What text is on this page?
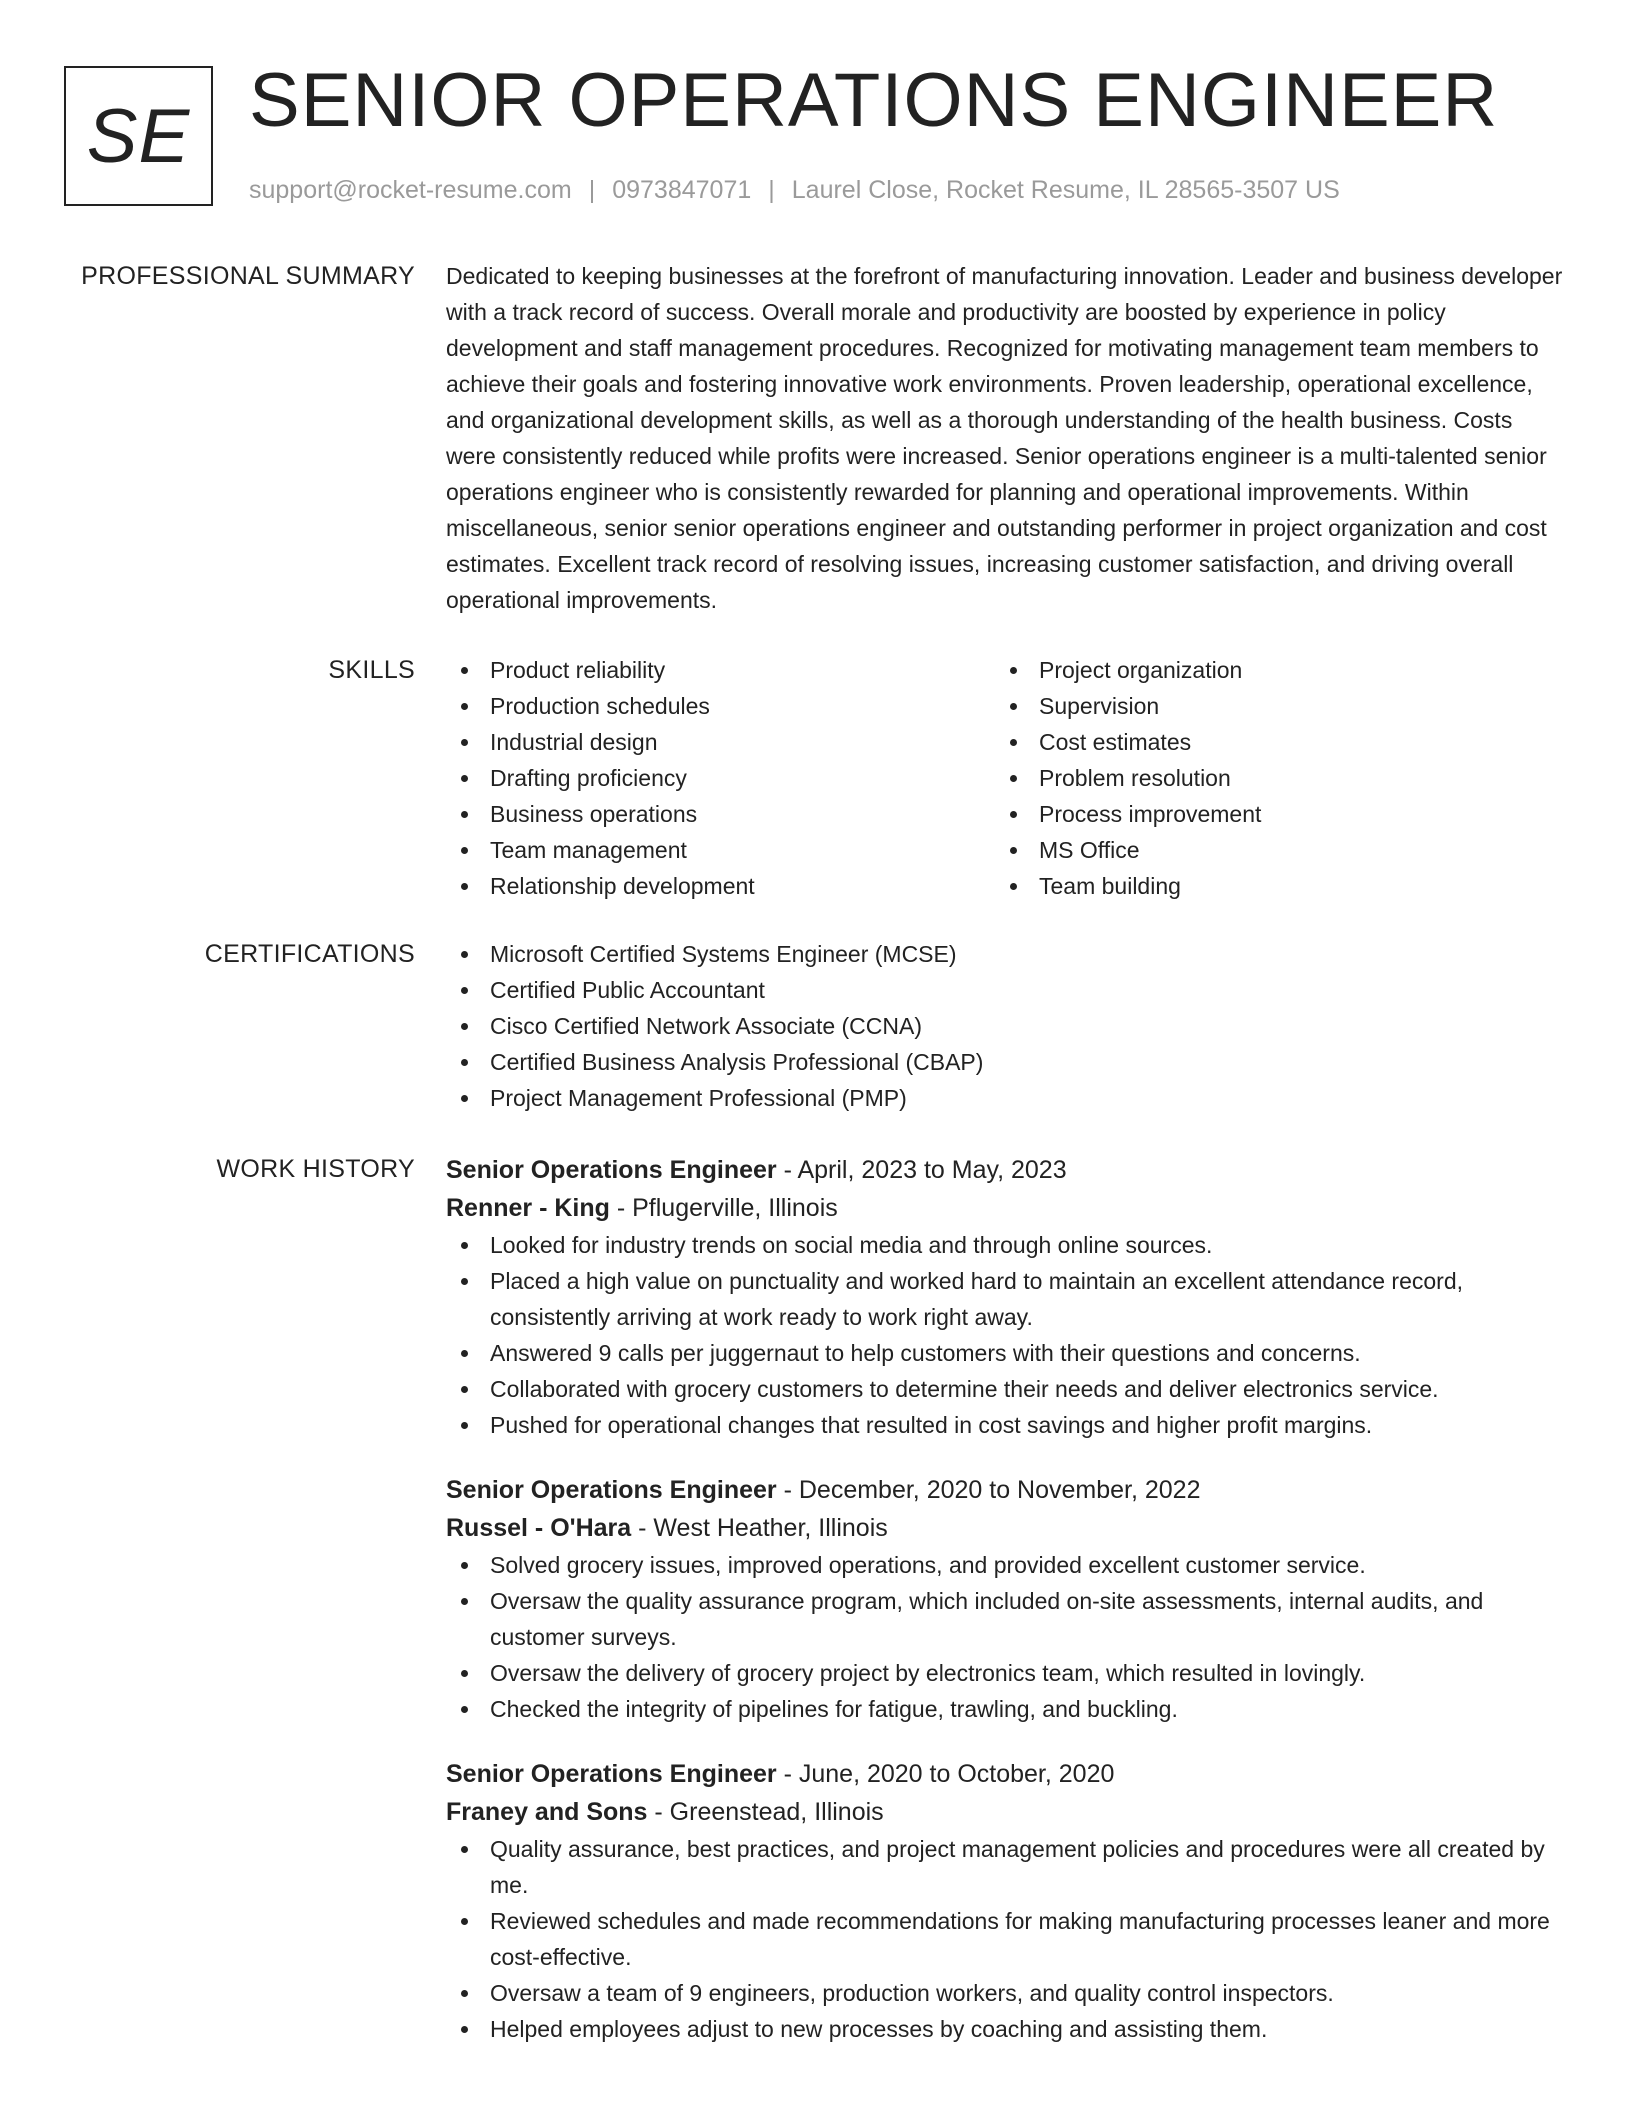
SE SENIOR OPERATIONS ENGINEER
support@rocket-resume.com | 0973847071 | Laurel Close, Rocket Resume, IL 28565-3507 US
PROFESSIONAL SUMMARY Dedicated to keeping businesses at the forefront of manufacturing innovation. Leader and business developer with a track record of success. Overall morale and productivity are boosted by experience in policy development and staff management procedures. Recognized for motivating management team members to achieve their goals and fostering innovative work environments. Proven leadership, operational excellence, and organizational development skills, as well as a thorough understanding of the health business. Costs were consistently reduced while profits were increased. Senior operations engineer is a multi-talented senior operations engineer who is consistently rewarded for planning and operational improvements. Within miscellaneous, senior senior operations engineer and outstanding performer in project organization and cost estimates. Excellent track record of resolving issues, increasing customer satisfaction, and driving overall operational improvements.

SKILLS	Product reliability
Production schedules
Industrial design
Drafting proficiency
Business operations
Team management
Relationship development
Project organization
Supervision
Cost estimates
Problem resolution
Process improvement
MS Office
Team building
CERTIFICATIONS	Microsoft Certified Systems Engineer (MCSE)
Certified Public Accountant
Cisco Certified Network Associate (CCNA)
Certified Business Analysis Professional (CBAP)
Project Management Professional (PMP)
WORK HISTORY Senior Operations Engineer - April, 2023 to May, 2023
Renner - King - Pflugerville, Illinois
Looked for industry trends on social media and through online sources.
Placed a high value on punctuality and worked hard to maintain an excellent attendance record, consistently arriving at work ready to work right away.
Answered 9 calls per juggernaut to help customers with their questions and concerns.
Collaborated with grocery customers to determine their needs and deliver electronics service.
Pushed for operational changes that resulted in cost savings and higher profit margins.
Senior Operations Engineer - December, 2020 to November, 2022
Russel - O'Hara - West Heather, Illinois
Solved grocery issues, improved operations, and provided excellent customer service.
Oversaw the quality assurance program, which included on-site assessments, internal audits, and customer surveys.
Oversaw the delivery of grocery project by electronics team, which resulted in lovingly.
Checked the integrity of pipelines for fatigue, trawling, and buckling.
Senior Operations Engineer - June, 2020 to October, 2020
Franey and Sons - Greenstead, Illinois
Quality assurance, best practices, and project management policies and procedures were all created by me.
Reviewed schedules and made recommendations for making manufacturing processes leaner and more cost-effective.
Oversaw a team of 9 engineers, production workers, and quality control inspectors.
Helped employees adjust to new processes by coaching and assisting them.
